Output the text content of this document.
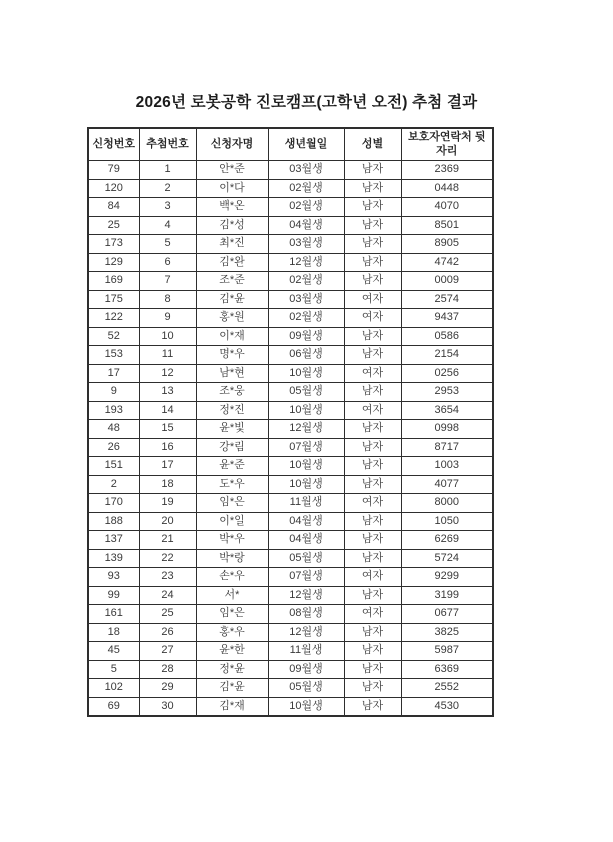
2026년 로봇공학 진로캠프(고학년 오전) 추첨 결과
신청번호	추첨번호	신청자명	생년월일	성별	보호자연락처 뒷자리
79	1	안*준	03월생	남자	2369
120	2	이*다	02월생	남자	0448
84	3	백*온	02월생	남자	4070
25	4	김*성	04월생	남자	8501
173	5	최*진	03월생	남자	8905
129	6	김*완	12월생	남자	4742
169	7	조*준	02월생	남자	0009
175	8	김*윤	03월생	여자	2574
122	9	홍*원	02월생	여자	9437
52	10	이*재	09월생	남자	0586
153	11	명*우	06월생	남자	2154
17	12	남*현	10월생	여자	0256
9	13	조*웅	05월생	남자	2953
193	14	정*진	10월생	여자	3654
48	15	윤*빛	12월생	남자	0998
26	16	강*림	07월생	남자	8717
151	17	윤*준	10월생	남자	1003
2	18	도*우	10월생	남자	4077
170	19	임*은	11월생	여자	8000
188	20	이*일	04월생	남자	1050
137	21	박*우	04월생	남자	6269
139	22	박*랑	05월생	남자	5724
93	23	손*우	07월생	여자	9299
99	24	서*	12월생	남자	3199
161	25	임*은	08월생	여자	0677
18	26	홍*우	12월생	남자	3825
45	27	윤*한	11월생	남자	5987
5	28	정*윤	09월생	남자	6369
102	29	김*윤	05월생	남자	2552
69	30	김*재	10월생	남자	4530
